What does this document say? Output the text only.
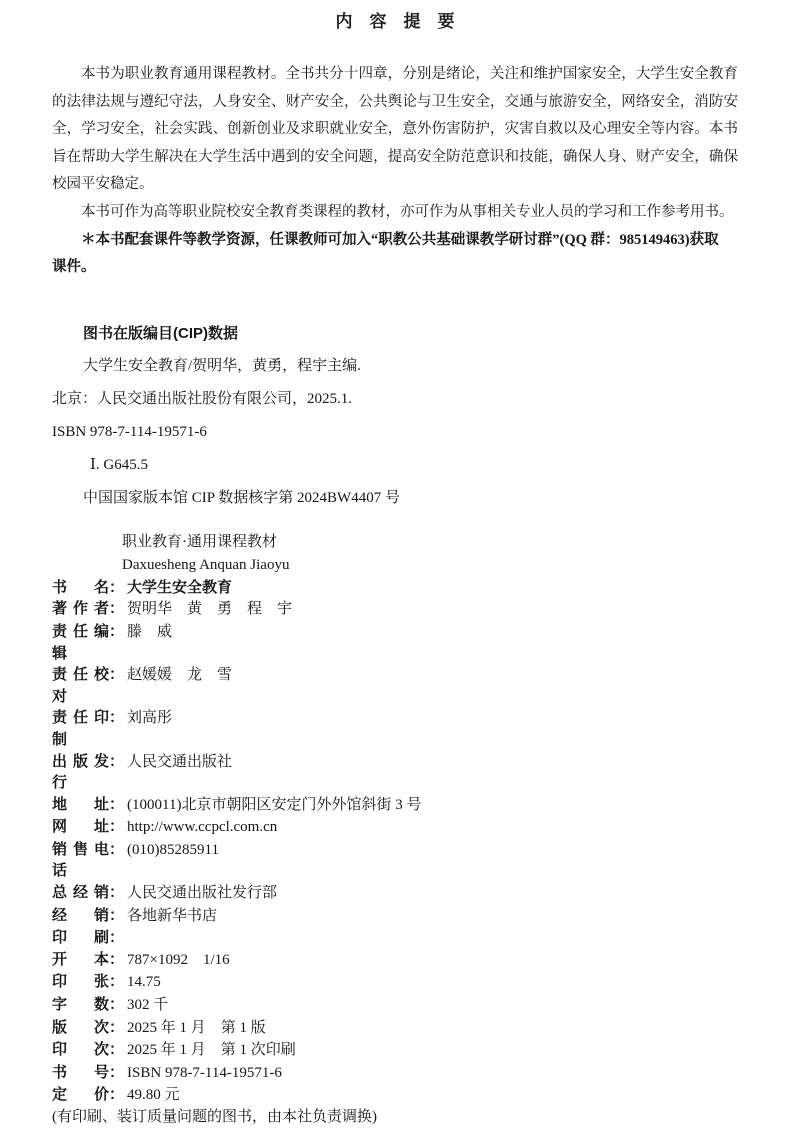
内　容　提　要

本书为职业教育通用课程教材。全书共分十四章，分别是绪论，关注和维护国家安全，大学生安全教育的法律法规与遵纪守法，人身安全、财产安全，公共舆论与卫生安全，交通与旅游安全，网络安全，消防安全，学习安全，社会实践、创新创业及求职就业安全，意外伤害防护，灾害自救以及心理安全等内容。本书旨在帮助大学生解决在大学生活中遇到的安全问题，提高安全防范意识和技能，确保人身、财产安全，确保校园平安稳定。

本书可作为高等职业院校安全教育类课程的教材，亦可作为从事相关专业人员的学习和工作参考用书。

＊本书配套课件等教学资源，任课教师可加入“职教公共基础课教学研讨群”(QQ 群：985149463)获取
课件。
图书在版编目(CIP)数据
大学生安全教育/贺明华，黄勇，程宇主编.
北京：人民交通出版社股份有限公司，2025.1.
ISBN 978-7-114-19571-6
Ⅰ. G645.5
中国国家版本馆 CIP 数据核字第 2024BW4407 号
职业教育·通用课程教材
Daxuesheng Anquan Jiaoyu
书名 ： 大学生安全教育
著作者 ： 贺明华　黄　勇　程　宇
责任编辑
： 滕　威
责任校对
： 赵媛媛　龙　雪
责任印制
： 刘高彤
出版发行
： 人民交通出版社
地址 ： (100011)北京市朝阳区安定门外外馆斜街 3 号
网址 ： http://www.ccpcl.com.cn
销售电话
： (010)85285911
总经销 ： 人民交通出版社发行部
经销 ： 各地新华书店
印刷 ：
开本 ： 787×1092　1/16
印张 ： 14.75
字数 ： 302 千
版次 ： 2025 年 1 月　第 1 版
印次 ： 2025 年 1 月　第 1 次印刷
书号 ： ISBN 978-7-114-19571-6
定价 ： 49.80 元
(有印刷、装订质量问题的图书，由本社负责调换)
